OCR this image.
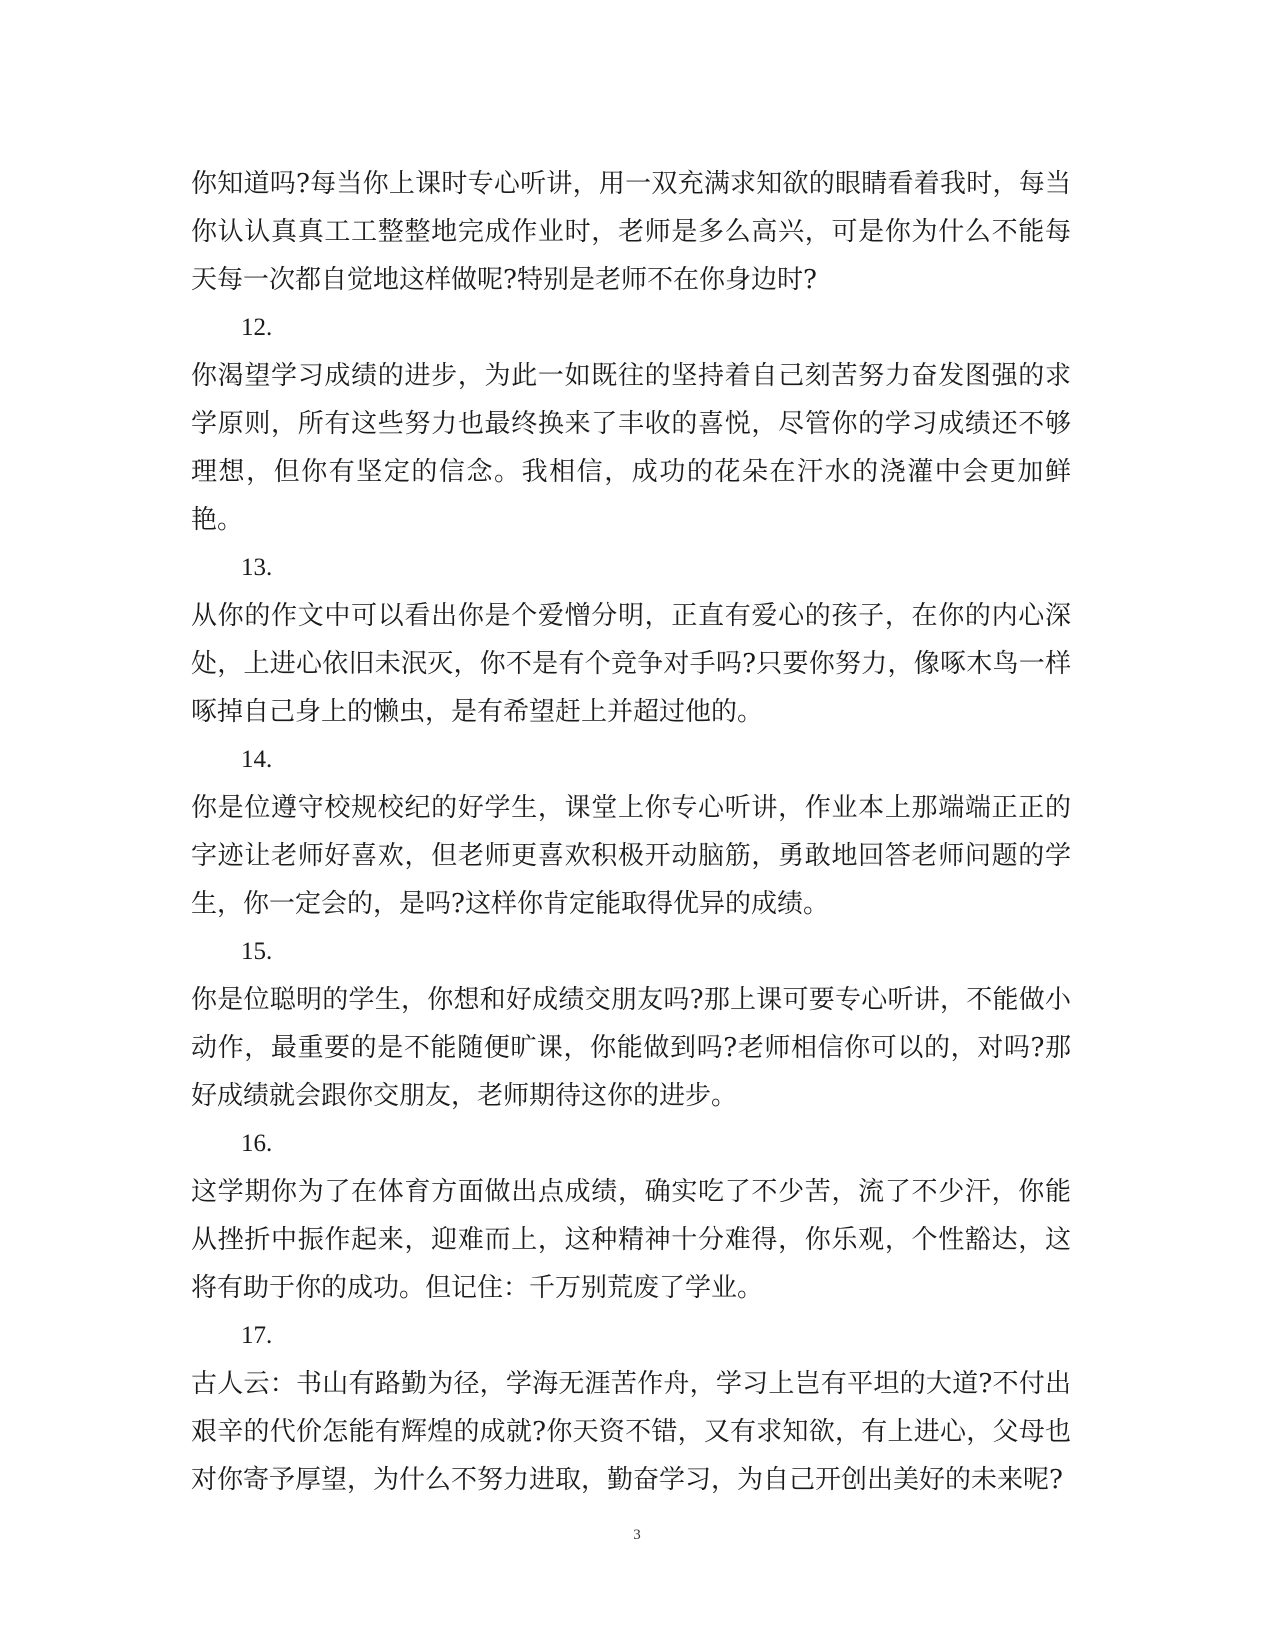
你知道吗?每当你上课时专心听讲，用一双充满求知欲的眼睛看着我时，每当你认认真真工工整整地完成作业时，老师是多么高兴，可是你为什么不能每天每一次都自觉地这样做呢?特别是老师不在你身边时?

12.

你渴望学习成绩的进步，为此一如既往的坚持着自己刻苦努力奋发图强的求学原则，所有这些努力也最终换来了丰收的喜悦，尽管你的学习成绩还不够理想，但你有坚定的信念。我相信，成功的花朵在汗水的浇灌中会更加鲜艳。

13.

从你的作文中可以看出你是个爱憎分明，正直有爱心的孩子，在你的内心深处，上进心依旧未泯灭，你不是有个竞争对手吗?只要你努力，像啄木鸟一样啄掉自己身上的懒虫，是有希望赶上并超过他的。

14.

你是位遵守校规校纪的好学生，课堂上你专心听讲，作业本上那端端正正的字迹让老师好喜欢，但老师更喜欢积极开动脑筋，勇敢地回答老师问题的学生，你一定会的，是吗?这样你肯定能取得优异的成绩。

15.

你是位聪明的学生，你想和好成绩交朋友吗?那上课可要专心听讲，不能做小动作，最重要的是不能随便旷课，你能做到吗?老师相信你可以的，对吗?那好成绩就会跟你交朋友，老师期待这你的进步。

16.

这学期你为了在体育方面做出点成绩，确实吃了不少苦，流了不少汗，你能从挫折中振作起来，迎难而上，这种精神十分难得，你乐观，个性豁达，这将有助于你的成功。但记住：千万别荒废了学业。

17.

古人云：书山有路勤为径，学海无涯苦作舟，学习上岂有平坦的大道?不付出艰辛的代价怎能有辉煌的成就?你天资不错，又有求知欲，有上进心，父母也对你寄予厚望，为什么不努力进取，勤奋学习，为自己开创出美好的未来呢?

3
